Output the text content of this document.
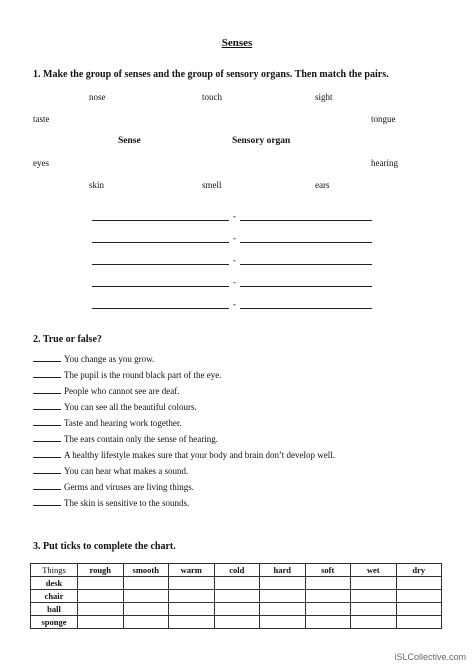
Senses
1. Make the group of senses and the group of sensory organs. Then match the pairs.
nose	touch	sight
taste	tongue
Sense	Sensory organ
eyes	hearing
skin	smell	ears
-
-
-
-
-
2. True or false?
You change as you grow.
The pupil is the round black part of the eye.
People who cannot see are deaf.
You can see all the beautiful colours.
Taste and hearing work together.
The ears contain only the sense of hearing.
A healthy lifestyle makes sure that your body and brain don’t develop well.
You can hear what makes a sound.
Germs and viruses are living things.
The skin is sensitive to the sounds.
3. Put ticks to complete the chart.
Things	rough	smooth	warm	cold	hard	soft	wet	dry
desk								
chair								
ball								
sponge								
iSLCollective.com
